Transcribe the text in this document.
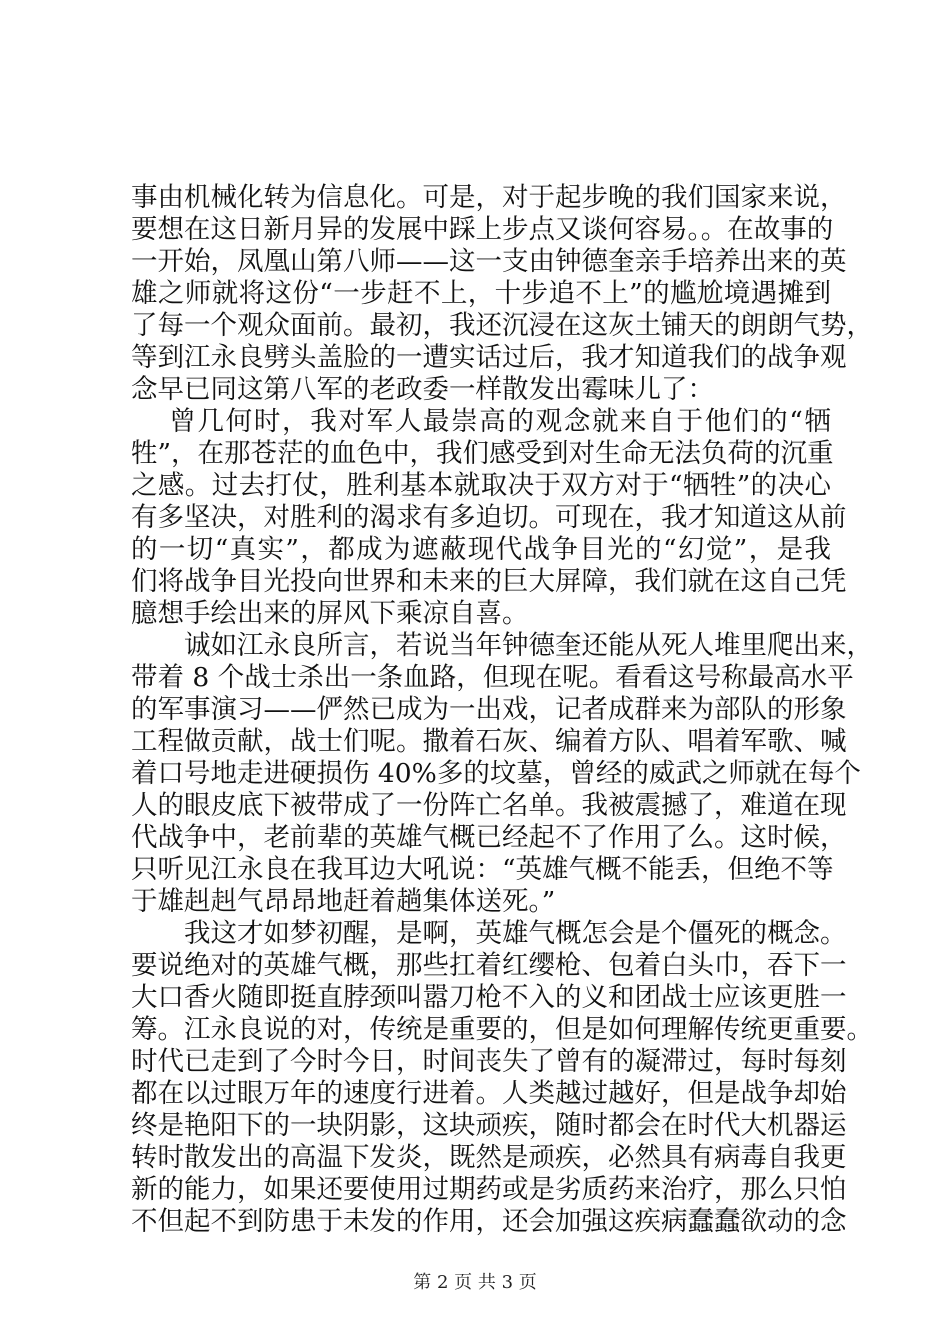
事由机械化转为信息化。可是，对于起步晚的我们国家来说，
要想在这日新月异的发展中踩上步点又谈何容易。。在故事的
一开始，凤凰山第八师——这一支由钟德奎亲手培养出来的英
雄之师就将这份“一步赶不上，十步追不上”的尴尬境遇摊到
了每一个观众面前。最初，我还沉浸在这灰土铺天的朗朗气势，
等到江永良劈头盖脸的一遭实话过后，我才知道我们的战争观
念早已同这第八军的老政委一样散发出霉味儿了：
　 曾几何时，我对军人最崇高的观念就来自于他们的“牺
牲”，在那苍茫的血色中，我们感受到对生命无法负荷的沉重
之感。过去打仗，胜利基本就取决于双方对于“牺牲”的决心
有多坚决，对胜利的渴求有多迫切。可现在，我才知道这从前
的一切“真实”，都成为遮蔽现代战争目光的“幻觉”，是我
们将战争目光投向世界和未来的巨大屏障，我们就在这自己凭
臆想手绘出来的屏风下乘凉自喜。
　　诚如江永良所言，若说当年钟德奎还能从死人堆里爬出来，
带着 8 个战士杀出一条血路，但现在呢。看看这号称最高水平
的军事演习——俨然已成为一出戏，记者成群来为部队的形象
工程做贡献，战士们呢。撒着石灰、编着方队、唱着军歌、喊
着口号地走进硬损伤 40%多的坟墓，曾经的威武之师就在每个
人的眼皮底下被带成了一份阵亡名单。我被震撼了，难道在现
代战争中，老前辈的英雄气概已经起不了作用了么。这时候，
只听见江永良在我耳边大吼说：“英雄气概不能丢，但绝不等
于雄赳赳气昂昂地赶着趟集体送死。”
　　我这才如梦初醒，是啊，英雄气概怎会是个僵死的概念。
要说绝对的英雄气概，那些扛着红缨枪、包着白头巾，吞下一
大口香火随即挺直脖颈叫嚣刀枪不入的义和团战士应该更胜一
筹。江永良说的对，传统是重要的，但是如何理解传统更重要。
时代已走到了今时今日，时间丧失了曾有的凝滞过，每时每刻
都在以过眼万年的速度行进着。人类越过越好，但是战争却始
终是艳阳下的一块阴影，这块顽疾，随时都会在时代大机器运
转时散发出的高温下发炎，既然是顽疾，必然具有病毒自我更
新的能力，如果还要使用过期药或是劣质药来治疗，那么只怕
不但起不到防患于未发的作用，还会加强这疾病蠢蠢欲动的念
第 2 页 共 3 页
